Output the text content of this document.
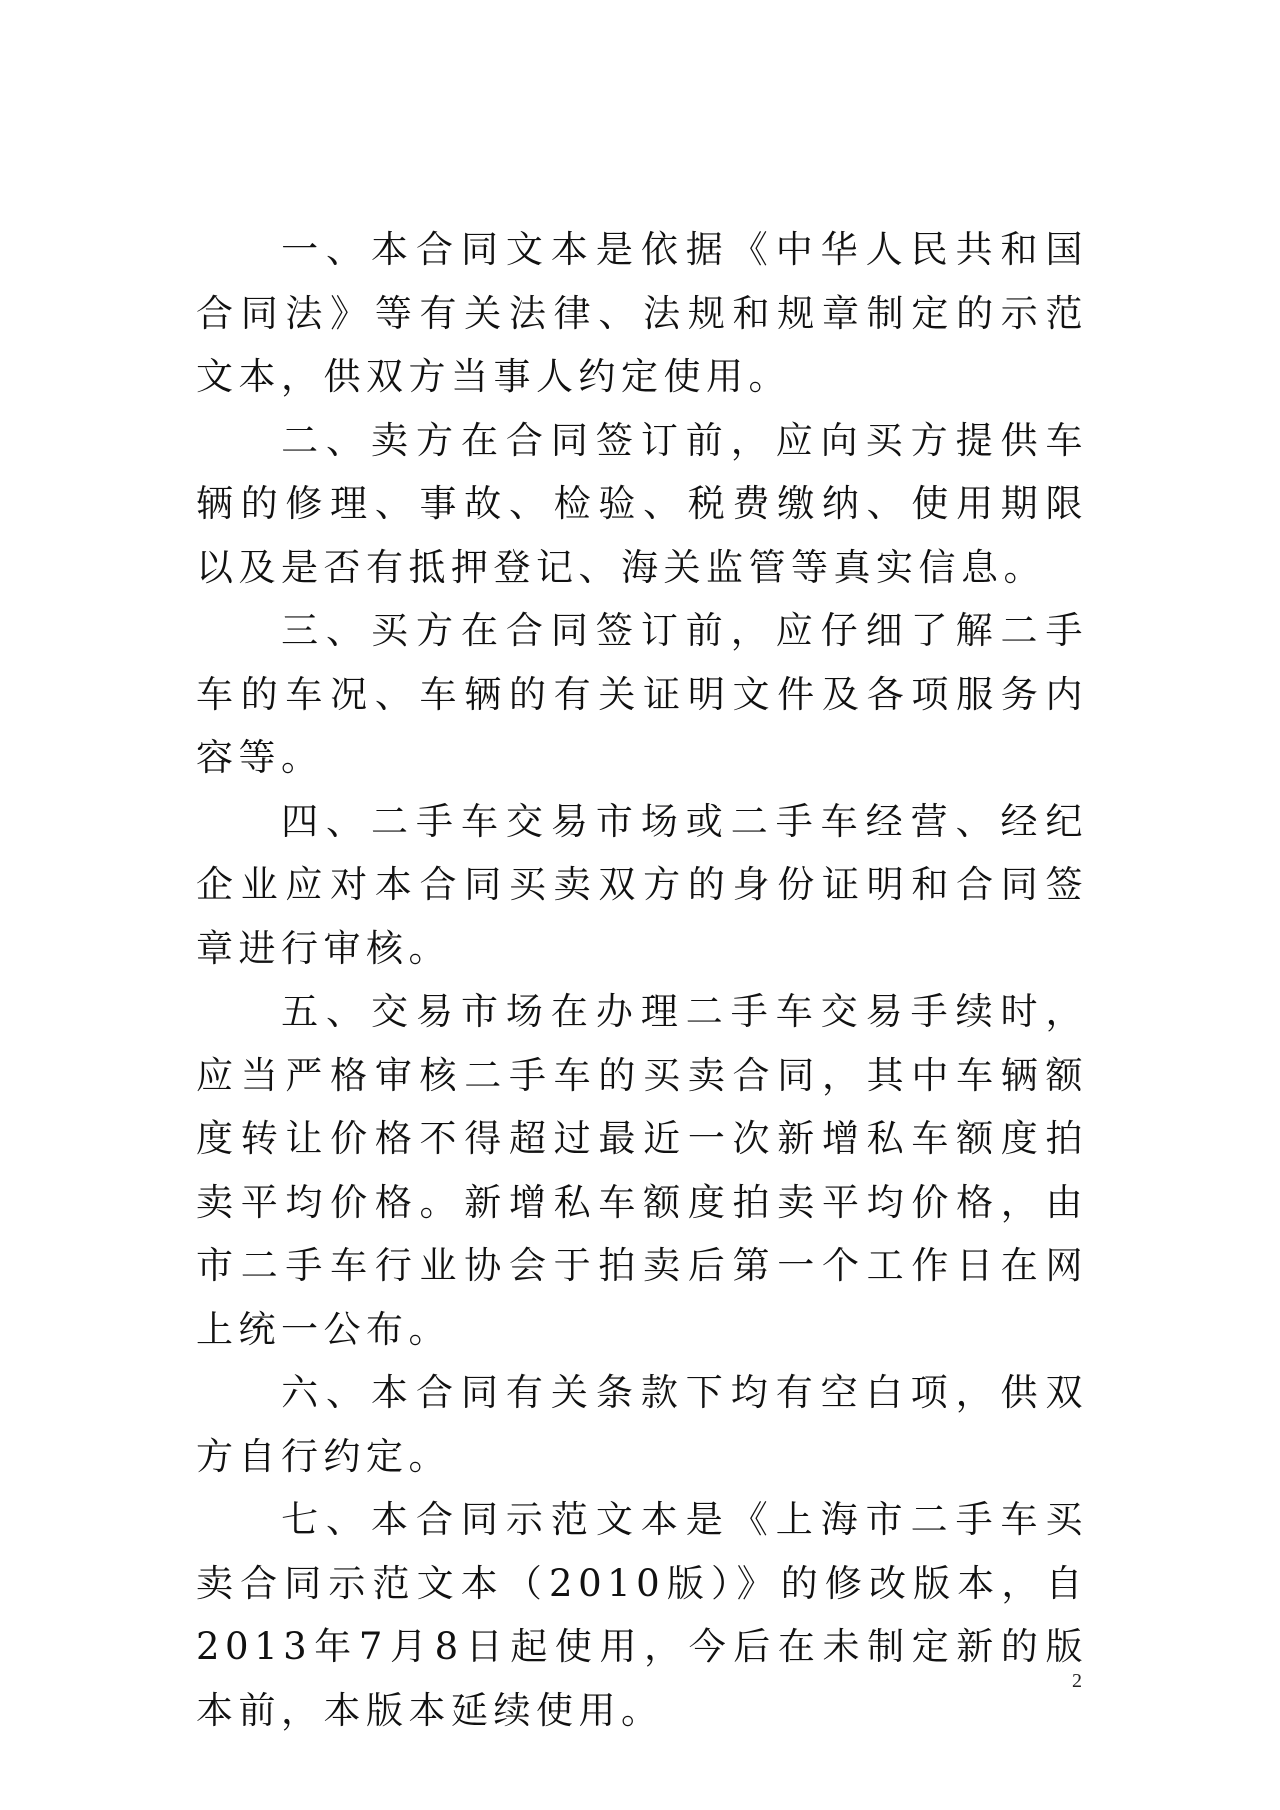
一、本合同文本是依据《中华人民共和国合同法》等有关法律、法规和规章制定的示范文本，供双方当事人约定使用。

二、卖方在合同签订前，应向买方提供车辆的修理、事故、检验、税费缴纳、使用期限以及是否有抵押登记、海关监管等真实信息。

三、买方在合同签订前，应仔细了解二手车的车况、车辆的有关证明文件及各项服务内容等。

四、二手车交易市场或二手车经营、经纪企业应对本合同买卖双方的身份证明和合同签章进行审核。

五、交易市场在办理二手车交易手续时，应当严格审核二手车的买卖合同，其中车辆额度转让价格不得超过最近一次新增私车额度拍卖平均价格。新增私车额度拍卖平均价格，由市二手车行业协会于拍卖后第一个工作日在网上统一公布。

六、本合同有关条款下均有空白项，供双方自行约定。

七、本合同示范文本是《上海市二手车买卖合同示范文本（2010版）》的修改版本，自2013年7月8日起使用，今后在未制定新的版本前，本版本延续使用。

2
